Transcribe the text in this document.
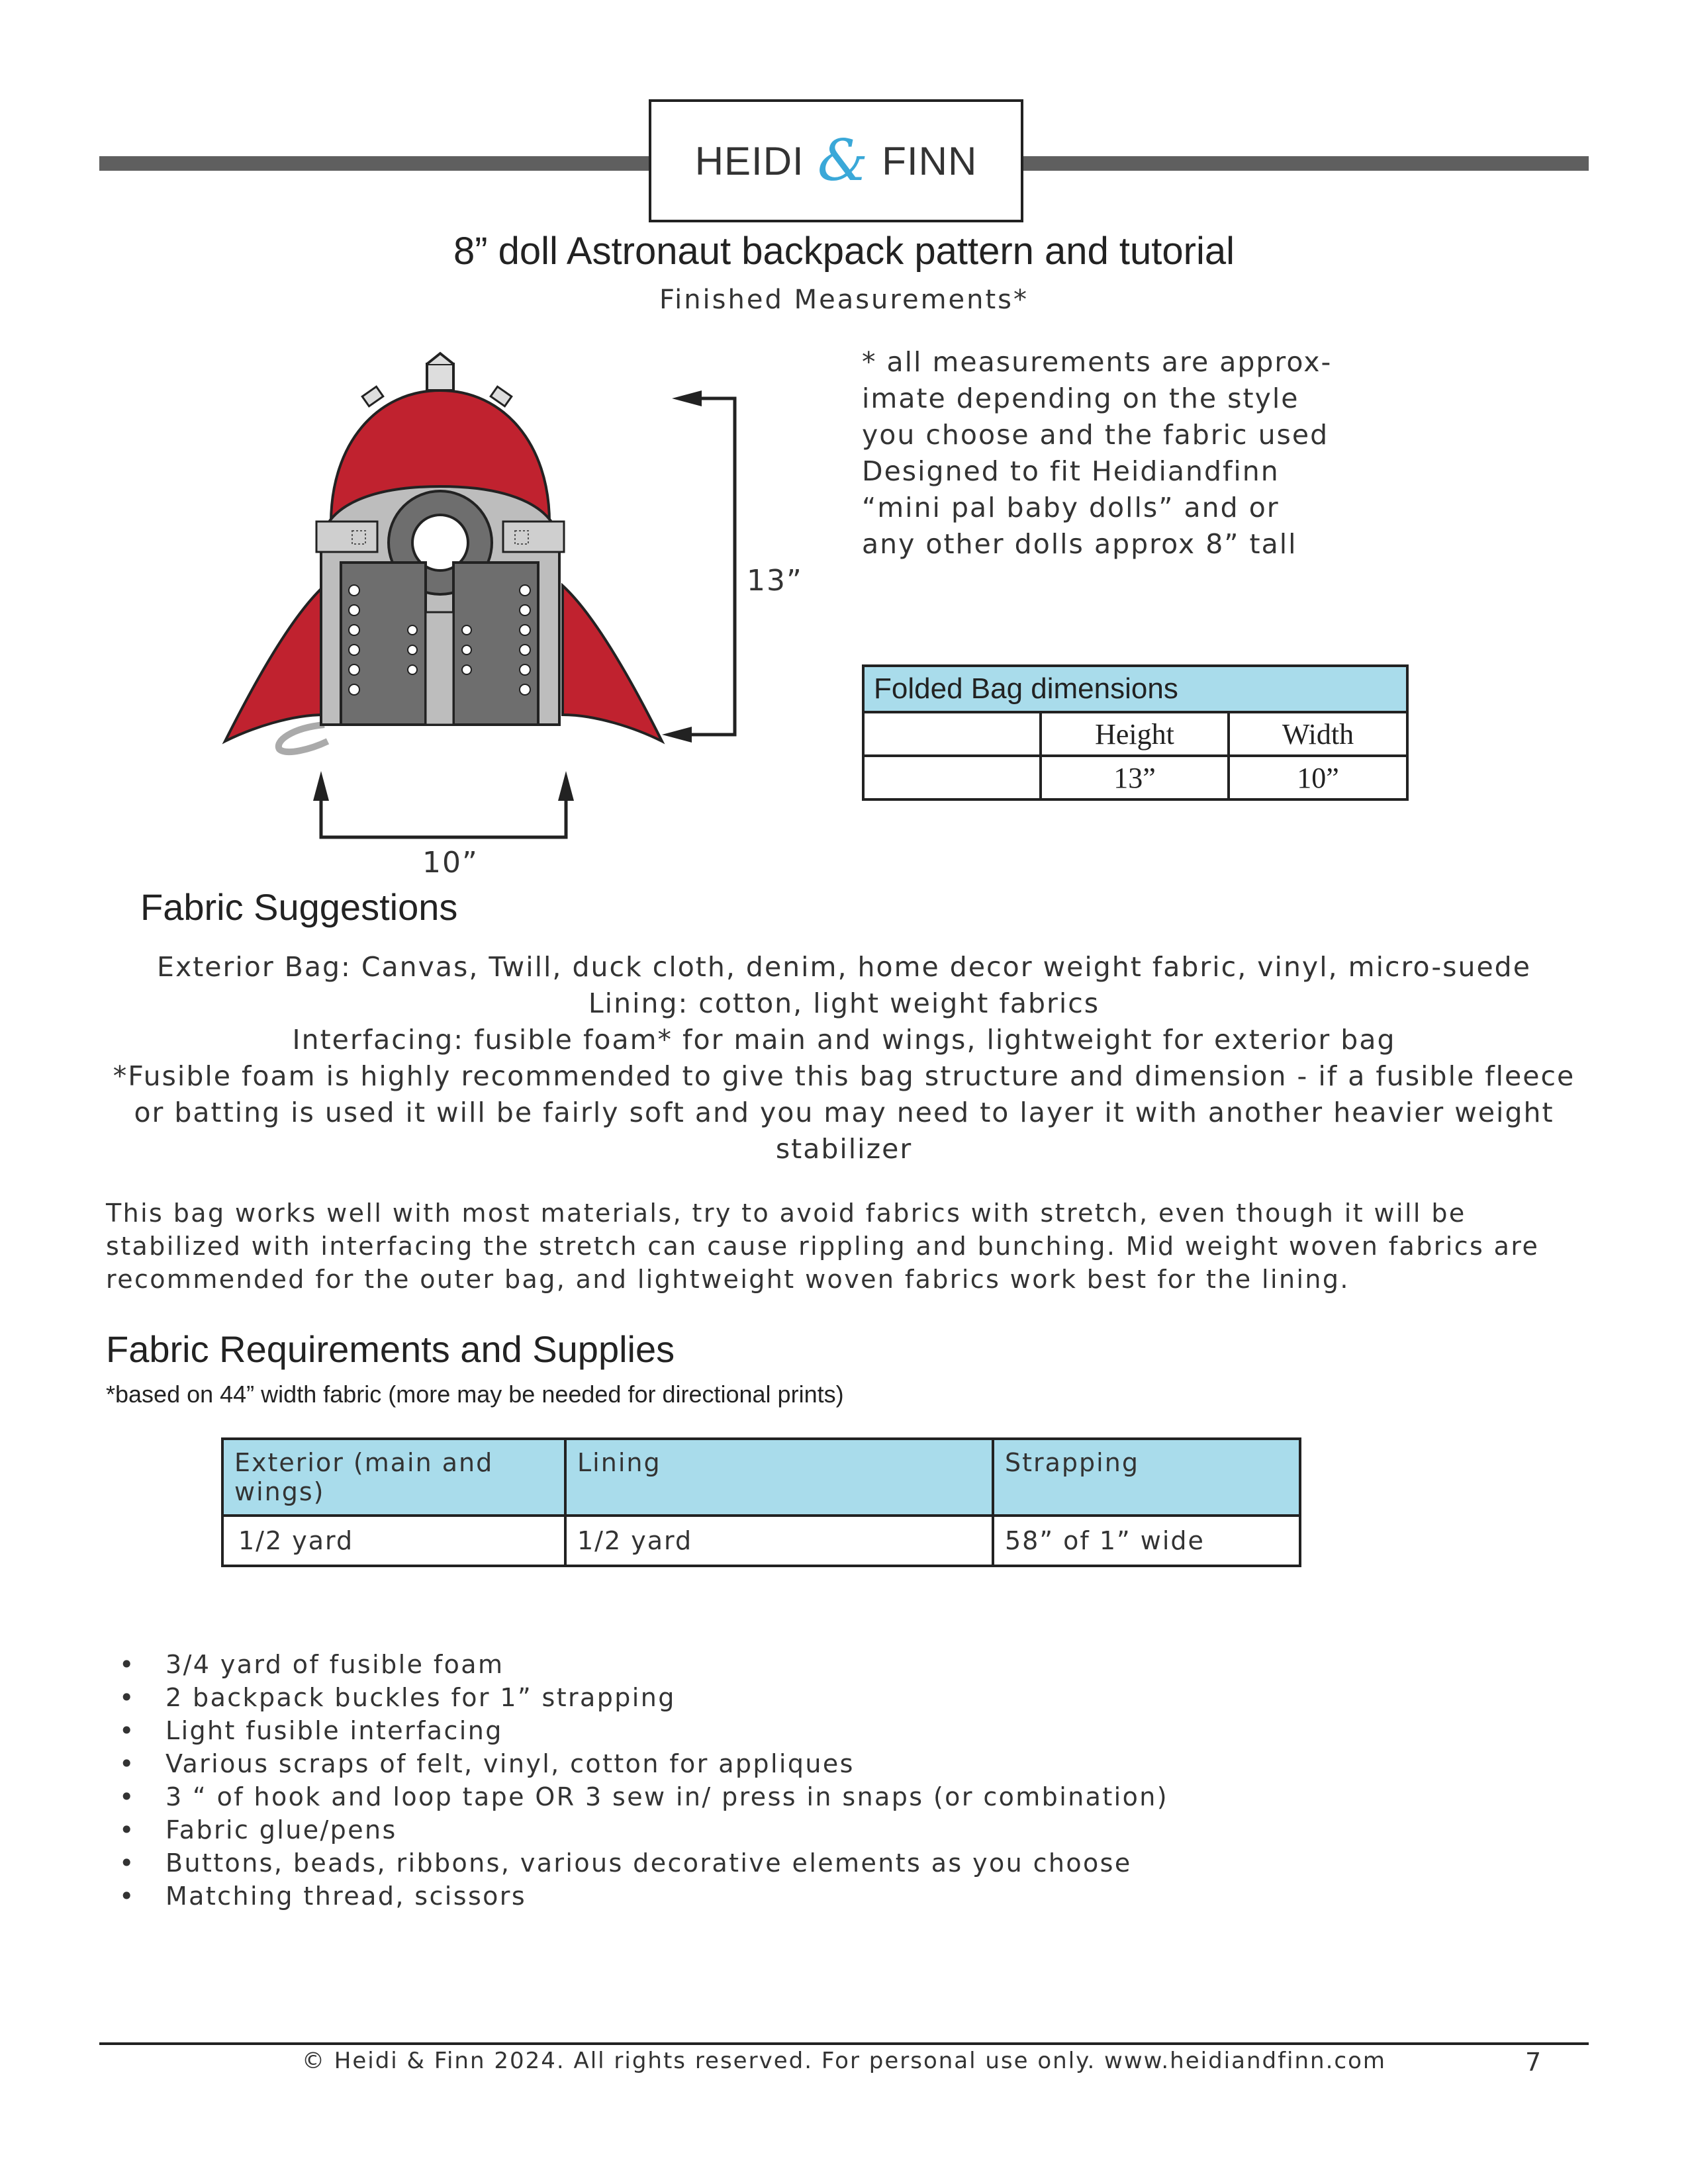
HEIDI & FINN
8” doll Astronaut backpack pattern and tutorial
Finished Measurements*
13”
10”
* all measurements are approx-
imate depending on the style
you choose and the fabric used
Designed to fit Heidiandfinn
“mini pal baby dolls” and or
any other dolls approx 8” tall
Folded Bag dimensions		
	Height	Width
	13”	10”
Fabric Suggestions
Exterior Bag: Canvas, Twill, duck cloth, denim, home decor weight fabric, vinyl, micro-suede
Lining: cotton, light weight fabrics
Interfacing: fusible foam* for main and wings, lightweight for exterior bag
*Fusible foam is highly recommended to give this bag structure and dimension - if a fusible fleece or batting is used it will be fairly soft and you may need to layer it with another heavier weight stabilizer
This bag works well with most materials, try to avoid fabrics with stretch, even though it will be stabilized with interfacing the stretch can cause rippling and bunching. Mid weight woven fabrics are recommended for the outer bag, and lightweight woven fabrics work best for the lining.
Fabric Requirements and Supplies
*based on 44” width fabric (more may be needed for directional prints)
Exterior (main and wings)	Lining	Strapping
1/2 yard	1/2 yard	58” of 1” wide
• 3/4 yard of fusible foam
• 2 backpack buckles for 1” strapping
• Light fusible interfacing
• Various scraps of felt, vinyl, cotton for appliques
• 3 “ of hook and loop tape OR 3 sew in/ press in snaps (or combination)
• Fabric glue/pens
• Buttons, beads, ribbons, various decorative elements as you choose
• Matching thread, scissors
© Heidi & Finn 2024. All rights reserved. For personal use only. www.heidiandfinn.com	7
